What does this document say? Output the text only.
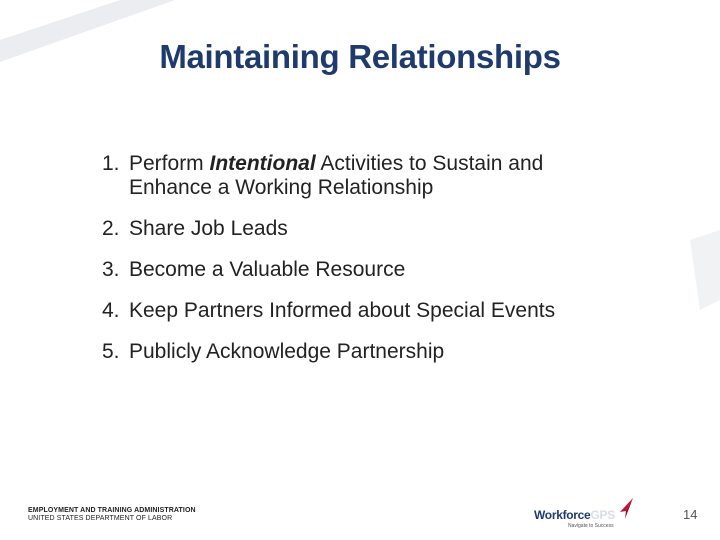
Maintaining Relationships
1. Perform Intentional Activities to Sustain and Enhance a Working Relationship
2. Share Job Leads
3. Become a Valuable Resource
4. Keep Partners Informed about Special Events
5. Publicly Acknowledge Partnership
EMPLOYMENT AND TRAINING ADMINISTRATION
UNITED STATES DEPARTMENT OF LABOR	WorkforceGPS
Navigate to Success
14
